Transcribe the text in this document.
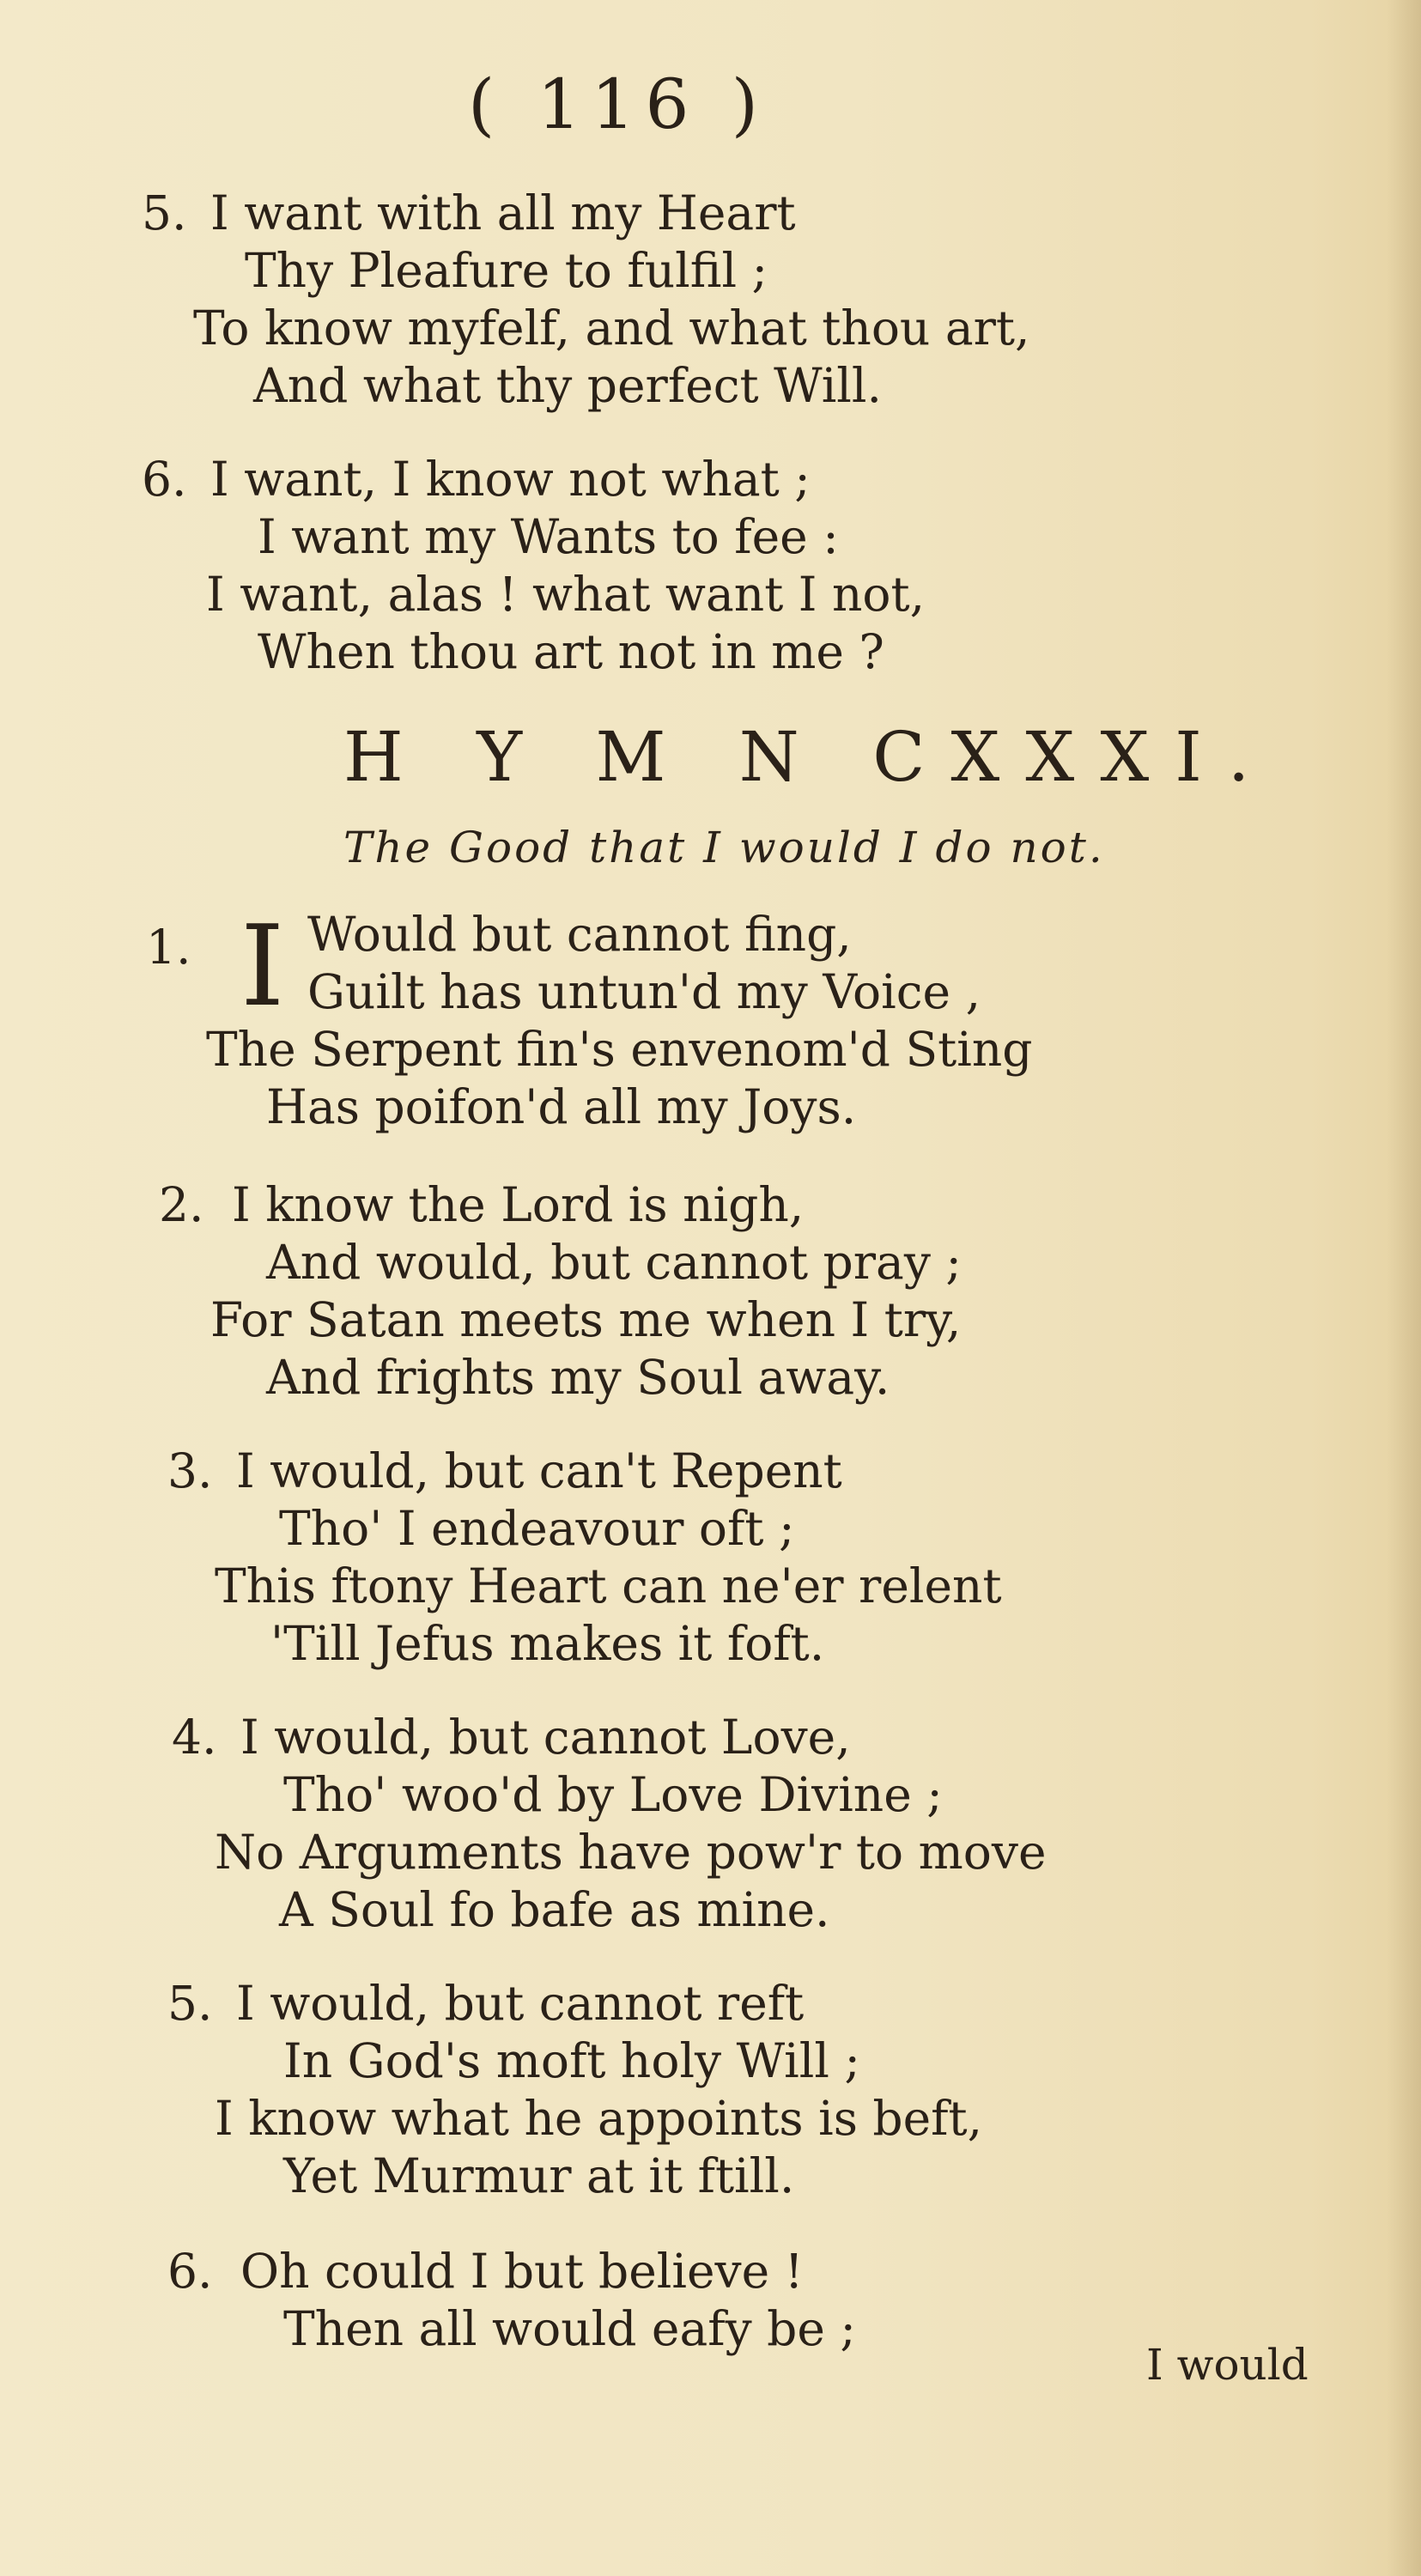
( 116 )
5. I want with all my Heart
Thy Pleafure to fulfil ;
To know myfelf, and what thou art,
And what thy perfect Will.
6. I want, I know not what ;
I want my Wants to fee :
I want, alas ! what want I not,
When thou art not in me ?
H Y M N CXXXI.
The Good that I would I do not.
1. I Would but cannot fing,
Guilt has untun'd my Voice ,
The Serpent fin's envenom'd Sting
Has poifon'd all my Joys.
2. I know the Lord is nigh,
And would, but cannot pray ;
For Satan meets me when I try,
And frights my Soul away.
3. I would, but can't Repent
Tho' I endeavour oft ;
This ftony Heart can ne'er relent
'Till Jefus makes it foft.
4. I would, but cannot Love,
Tho' woo'd by Love Divine ;
No Arguments have pow'r to move
A Soul fo bafe as mine.
5. I would, but cannot reft
In God's moft holy Will ;
I know what he appoints is beft,
Yet Murmur at it ftill.
6. Oh could I but believe !
Then all would eafy be ;
I would
